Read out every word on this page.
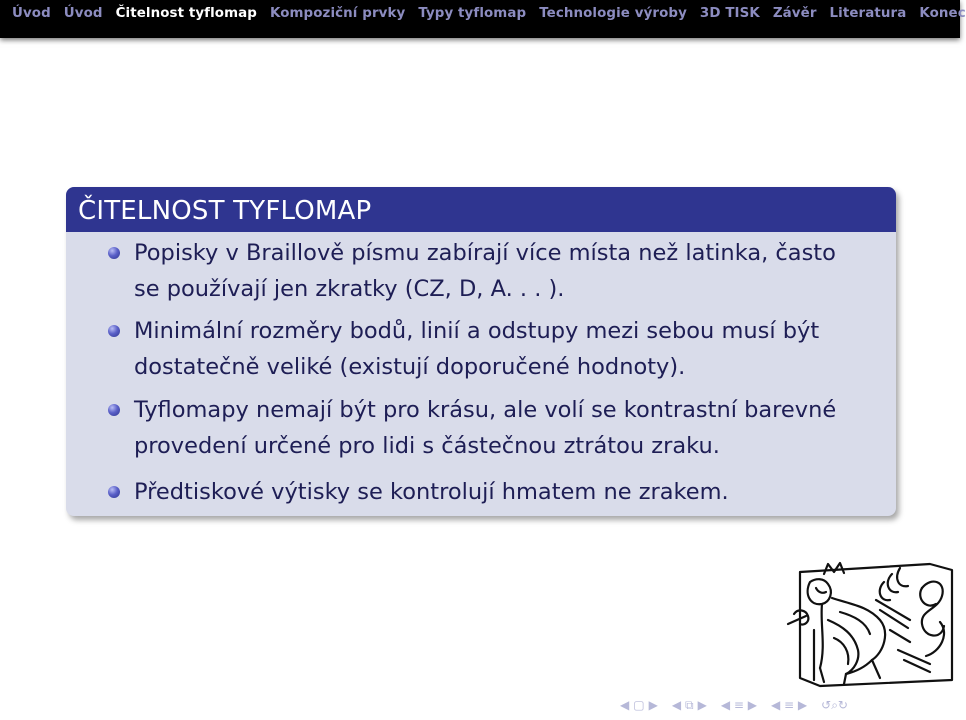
Úvod Úvod Čitelnost tyflomap Kompoziční prvky Typy tyflomap Technologie výroby 3D TISK Závěr Literatura Konec
ČITELNOST TYFLOMAP
Popisky v Braillově písmu zabírají více místa než latinka, často
se používají jen zkratky (CZ, D, A. . . ).
Minimální rozměry bodů, linií a odstupy mezi sebou musí být
dostatečně veliké (existují doporučené hodnoty).
Tyflomapy nemají být pro krásu, ale volí se kontrastní barevné
provedení určené pro lidi s částečnou ztrátou zraku.
Předtiskové výtisky se kontrolují hmatem ne zrakem.
◀ ▢ ▶ ◀ ⧉ ▶ ◀ ≡ ▶ ◀ ≡ ▶ ↺⌕↻
